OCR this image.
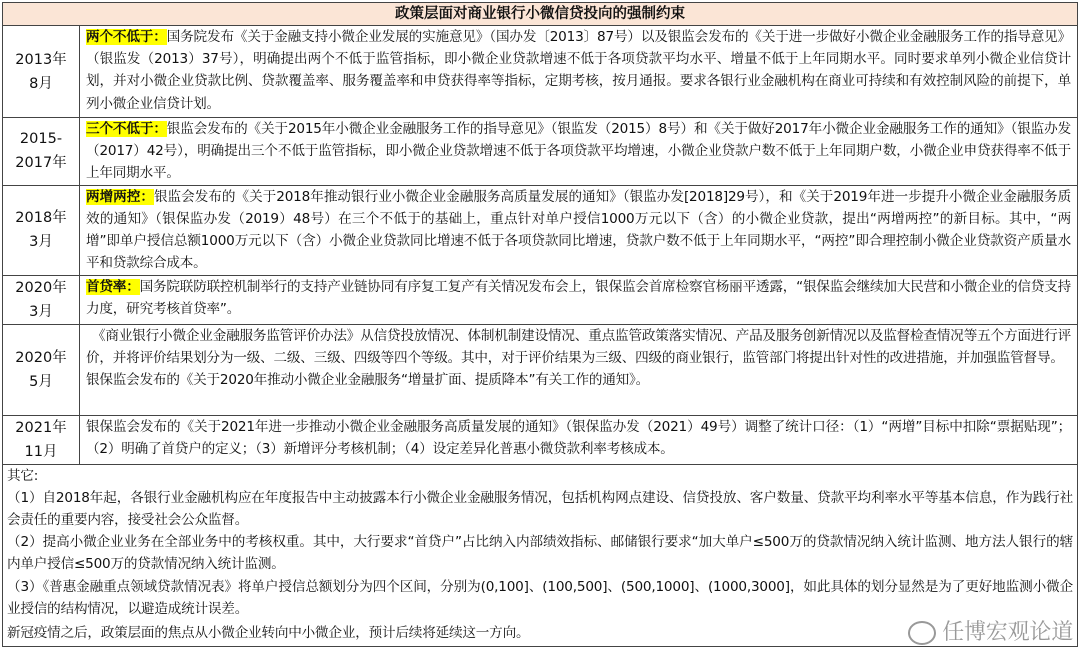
政策层面对商业银行小微信贷投向的强制约束
2013年
8月
两个不低于：国务院发布《关于金融支持小微企业发展的实施意见》（国办发〔2013〕87号）以及银监会发布的《关于进一步做好小微企业金融服务工作的指导意见》（银监发（2013）37号），明确提出两个不低于监管指标，即小微企业贷款增速不低于各项贷款平均水平、增量不低于上年同期水平。同时要求单列小微企业信贷计划，并对小微企业贷款比例、贷款覆盖率、服务覆盖率和申贷获得率等指标，定期考核，按月通报。要求各银行业金融机构在商业可持续和有效控制风险的前提下，单列小微企业信贷计划。
2015-
2017年
三个不低于：银监会发布的《关于2015年小微企业金融服务工作的指导意见》（银监发（2015）8号）和《关于做好2017年小微企业金融服务工作的通知》（银监办发（2017）42号），明确提出三个不低于监管指标，即小微企业贷款增速不低于各项贷款平均增速，小微企业贷款户数不低于上年同期户数，小微企业申贷获得率不低于上年同期水平。
2018年
3月
两增两控：银监会发布的《关于2018年推动银行业小微企业金融服务高质量发展的通知》（银监办发[2018]29号），和《关于2019年进一步提升小微企业金融服务质效的通知》（银保监办发（2019）48号）在三个不低于的基础上，重点针对单户授信1000万元以下（含）的小微企业贷款，提出“两增两控”的新目标。其中，“两增”即单户授信总额1000万元以下（含）小微企业贷款同比增速不低于各项贷款同比增速，贷款户数不低于上年同期水平，“两控”即合理控制小微企业贷款资产质量水平和贷款综合成本。
2020年
3月
首贷率：国务院联防联控机制举行的支持产业链协同有序复工复产有关情况发布会上，银保监会首席检察官杨丽平透露，“银保监会继续加大民营和小微企业的信贷支持力度，研究考核首贷率”。
2020年
5月
《商业银行小微企业金融服务监管评价办法》从信贷投放情况、体制机制建设情况、重点监管政策落实情况、产品及服务创新情况以及监督检查情况等五个方面进行评价，并将评价结果划分为一级、二级、三级、四级等四个等级。其中，对于评价结果为三级、四级的商业银行，监管部门将提出针对性的改进措施，并加强监管督导。
银保监会发布的《关于2020年推动小微企业金融服务“增量扩面、提质降本”有关工作的通知》。
2021年
11月
银保监会发布的《关于2021年进一步推动小微企业金融服务高质量发展的通知》（银保监办发（2021）49号）调整了统计口径：（1）“两增”目标中扣除“票据贴现”；（2）明确了首贷户的定义；（3）新增评分考核机制；（4）设定差异化普惠小微贷款利率考核成本。
其它:
（1）自2018年起，各银行业金融机构应在年度报告中主动披露本行小微企业金融服务情况，包括机构网点建设、信贷投放、客户数量、贷款平均利率水平等基本信息，作为践行社会责任的重要内容，接受社会公众监督。
（2）提高小微企业业务在全部业务中的考核权重。其中，大行要求“首贷户”占比纳入内部绩效指标、邮储银行要求“加大单户≤500万的贷款情况纳入统计监测、地方法人银行的辖内单户授信≤500万的贷款情况纳入统计监测。
（3）《普惠金融重点领域贷款情况表》将单户授信总额划分为四个区间，分别为(0,100]、(100,500]、(500,1000]、(1000,3000]，如此具体的划分显然是为了更好地监测小微企业授信的结构情况，以避造成统计误差。
新冠疫情之后，政策层面的焦点从小微企业转向中小微企业，预计后续将延续这一方向。	任博宏观论道
